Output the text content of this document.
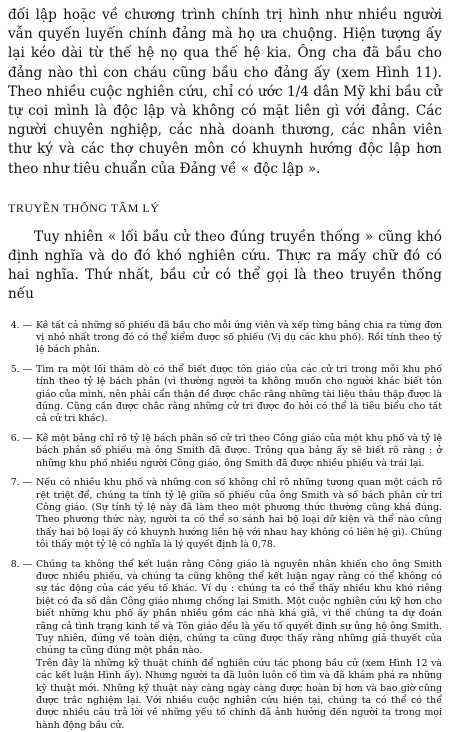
đối lập hoặc về chương trình chính trị hình như nhiều người vẫn quyến luyến chính đảng mà họ ưa chuộng. Hiện tượng ấy lại kéo dài từ thế hệ nọ qua thế hệ kia. Ông cha đã bầu cho đảng nào thì con cháu cũng bầu cho đảng ấy (xem Hình 11). Theo nhiều cuộc nghiên cứu, chỉ có ước 1/4 dân Mỹ khi bầu cử tự coi mình là độc lập và không có mặt liên gì với đảng. Các người chuyên nghiệp, các nhà doanh thương, các nhân viên thư ký và các thợ chuyên môn có khuynh hướng độc lập hơn theo như tiêu chuẩn của Đảng về « độc lập ».

TRUYỀN THỐNG TÂM LÝ

Tuy nhiên « lối bầu cử theo đúng truyền thống » cũng khó định nghĩa và do đó khó nghiên cứu. Thực ra mấy chữ đó có hai nghĩa. Thứ nhất, bầu cử có thể gọi là theo truyền thống nếu

4. — Kê tất cả những số phiếu đã bầu cho mỗi ứng viên và xếp từng bảng chia ra từng đơn vị nhỏ nhất trong đó có thể kiểm được số phiếu (Vị dụ các khu phố). Rồi tính theo tỷ lệ bách phân.

5. — Tìm ra một lối thăm dò có thể biết được tôn giáo của các cử tri trong mỗi khu phố tính theo tỷ lệ bách phân (vì thường người ta không muốn cho người khác biết tôn giáo của mình, nên phải cẩn thận đề được chắc rằng những tài liệu thâu thập được là đúng. Cũng cần được chắc rằng những cử tri được đo hỏi có thể là tiêu biểu cho tất cả cử tri khác).

6. — Kê một bảng chỉ rõ tỷ lệ bách phân số cử tri theo Công giáo của một khu phố và tỷ lệ bách phân số phiếu mà ông Smith đã được. Trông qua bảng ấy sẽ biết rõ ràng : ở những khu phố nhiều người Công giáo, ông Smith đã được nhiều phiếu và trái lại.

7. — Nếu có nhiều khu phố và những con số không chỉ rõ những tương quan một cách rõ rệt triệt để, chúng ta tính tỷ lệ giữa số phiếu của ông Smith và số bách phân cử tri Công giáo. (Sự tính tỷ lệ này đã làm theo một phương thức thường cũng khá đúng. Theo phương thức này, người ta có thể so sánh hai bộ loại dữ kiện và thể nào cũng thấy hai bộ loại ấy có khuynh hướng liên hệ với nhau hay không có liên hệ gì). Chúng tôi thấy một tỷ lệ có nghĩa là lý quyết định là 0,78.

8. — Chúng ta không thể kết luận rằng Công giáo là nguyên nhân khiến cho ông Smith được nhiều phiếu, và chúng ta cũng không thể kết luận ngay rằng có thể không có sự tác động của các yếu tố khác. Ví dụ : chúng ta có thể thấy nhiều khu khó riêng biệt có đa số dân Công giáo nhưng chống lại Smith. Một cuộc nghiên cứu kỹ hơn cho biết những khu phố ấy phần nhiều gồm các nhà khá giả, vì thế chúng ta dự đoán rằng cả tình trạng kinh tế và Tôn giáo đều là yếu tố quyết định sự ủng hộ ông Smith. Tuy nhiên, đứng về toàn diện, chúng ta cũng được thấy rằng những giả thuyết của chúng ta cũng đúng một phần nào.

Trên đây là những kỹ thuật chính để nghiên cứu tác phong bầu cử (xem Hình 12 và các kết luận Hình ấy). Nhưng người ta đã luôn luôn cố tìm và đã khám phá ra những kỹ thuật mới. Những kỹ thuật này càng ngày càng được hoàn bị hơn và bao giờ cũng được trắc nghiệm lại. Với nhiều cuộc nghiên cứu hiện tại, chúng ta có thể có thể được nhiều câu trả lời về những yếu tố chính đã ảnh hưởng đến người ta trong mọi hành động bầu cử.
